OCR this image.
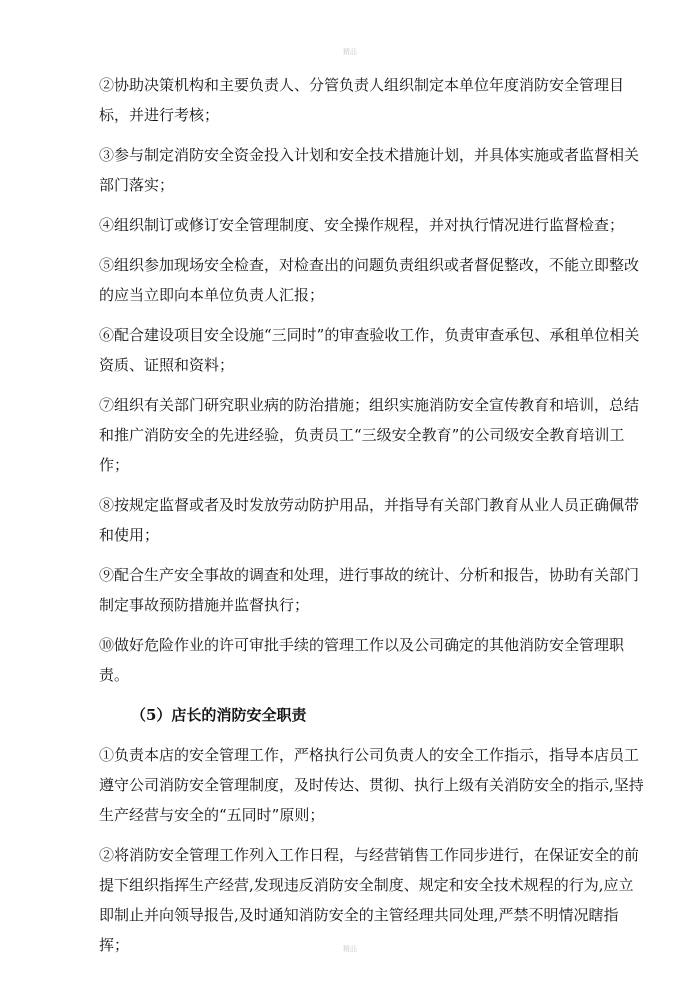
精品

②协助决策机构和主要负责人、分管负责人组织制定本单位年度消防安全管理目标，并进行考核；

③参与制定消防安全资金投入计划和安全技术措施计划，并具体实施或者监督相关部门落实；

④组织制订或修订安全管理制度、安全操作规程，并对执行情况进行监督检查；

⑤组织参加现场安全检查，对检查出的问题负责组织或者督促整改，不能立即整改的应当立即向本单位负责人汇报；

⑥配合建设项目安全设施“三同时”的审查验收工作，负责审查承包、承租单位相关资质、证照和资料；

⑦组织有关部门研究职业病的防治措施；组织实施消防安全宣传教育和培训，总结和推广消防安全的先进经验，负责员工“三级安全教育”的公司级安全教育培训工作；

⑧按规定监督或者及时发放劳动防护用品，并指导有关部门教育从业人员正确佩带和使用；

⑨配合生产安全事故的调查和处理，进行事故的统计、分析和报告，协助有关部门制定事故预防措施并监督执行；

⑩做好危险作业的许可审批手续的管理工作以及公司确定的其他消防安全管理职责。

（5）店长的消防安全职责

①负责本店的安全管理工作，严格执行公司负责人的安全工作指示，指导本店员工遵守公司消防安全管理制度，及时传达、贯彻、执行上级有关消防安全的指示,坚持生产经营与安全的“五同时”原则；

②将消防安全管理工作列入工作日程，与经营销售工作同步进行，在保证安全的前提下组织指挥生产经营,发现违反消防安全制度、规定和安全技术规程的行为,应立即制止并向领导报告,及时通知消防安全的主管经理共同处理,严禁不明情况瞎指挥；	精品
